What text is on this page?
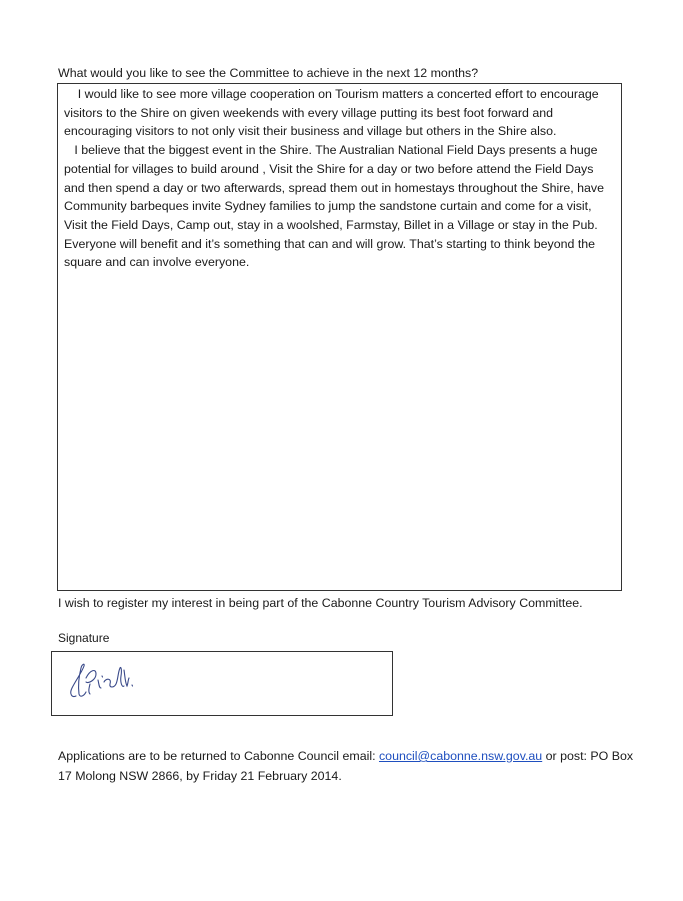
What would you like to see the Committee to achieve in the next 12 months?

I would like to see more village cooperation on Tourism matters a concerted effort to encourage visitors to the Shire on given weekends with every village putting its best foot forward and encouraging visitors to not only visit their business and village but others in the Shire also.

I believe that the biggest event in the Shire. The Australian National Field Days presents a huge potential for villages to build around , Visit the Shire for a day or two before attend the Field Days and then spend a day or two afterwards, spread them out in homestays throughout the Shire, have Community barbeques invite Sydney families to jump the sandstone curtain and come for a visit, Visit the Field Days, Camp out, stay in a woolshed, Farmstay, Billet in a Village or stay in the Pub. Everyone will benefit and it’s something that can and will grow. That’s starting to think beyond the square and can involve everyone.

I wish to register my interest in being part of the Cabonne Country Tourism Advisory Committee.
Signature
Applications are to be returned to Cabonne Council email: council@cabonne.nsw.gov.au or post: PO Box 17 Molong NSW 2866, by Friday 21 February 2014.
